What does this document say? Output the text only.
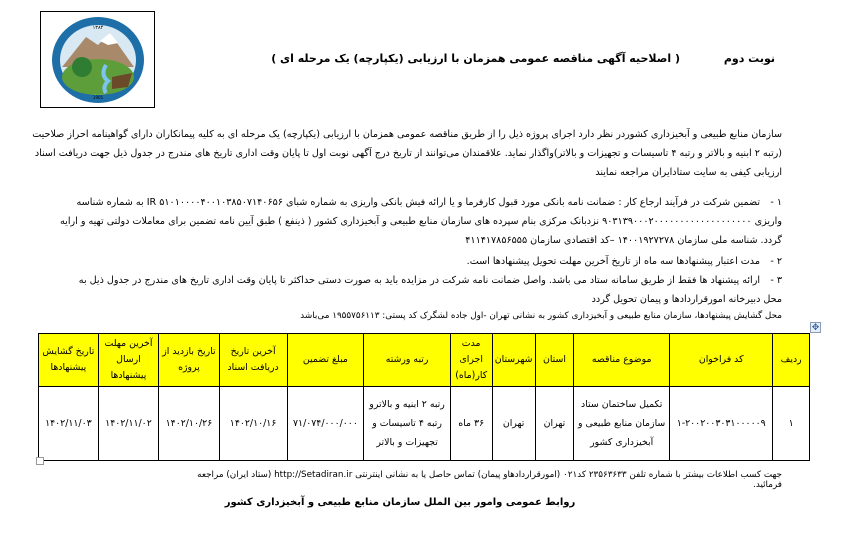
۱۳۸۴
1905
نوبت دوم
( اصلاحیه آگهی مناقصه عمومی همزمان با ارزیابی (یکپارچه) یک مرحله ای )
سازمان منابع طبیعی و آبخیزداری کشوردر نظر دارد اجرای پروژه ذیل را از طریق مناقصه عمومی همزمان با ارزیابی (یکپارچه) یک مرحله ای به کلیه پیمانکاران دارای گواهینامه احراز صلاحیت (رتبه ۲ ابنیه و بالاتر و رتبه ۴ تاسیسات و تجهیزات و بالاتر)واگذار نماید. علاقمندان می‌توانند از تاریخ درج آگهی نوبت اول تا پایان وقت اداری تاریخ های مندرج در جدول ذیل جهت دریافت اسناد ارزیابی کیفی به سایت ستادایران مراجعه نمایند
۱ -تضمین شرکت در فرآیند ارجاع کار : ضمانت نامه بانکی مورد قبول کارفرما و یا ارائه فیش بانکی واریزی به شماره شبای IR ۵۱۰۱۰۰۰۰۴۰۰۱۰۳۸۵۰۷۱۴۰۶۵۶ به شماره شناسه واریزی ۹۰۳۱۳۹۰۰۰۲۰۰۰۰۰۰۰۰۰۰۰۰۰۰۰۰۰۰۰ نزدبانک مرکزی بنام سپرده های سازمان منابع طبیعی و آبخیزداری کشور ( ذینفع ) طبق آیین نامه تضمین برای معاملات دولتی تهیه و ارایه گردد. شناسه ملی سازمان ۱۴۰۰۱۹۲۷۲۷۸ –کد اقتصادی سازمان ۴۱۱۴۱۷۸۵۶۵۵۵
۲ -مدت اعتبار پیشنهادها سه ماه از تاریخ آخرین مهلت تحویل پیشنهادها است.
۳ -ارائه پیشنهاد ها فقط از طریق سامانه ستاد می باشد. واصل ضمانت نامه شرکت در مزایده باید به صورت دستی حداکثر تا پایان وقت اداری تاریخ های مندرج در جدول ذیل به محل دبیرخانه امورقراردادها و پیمان تحویل گردد
محل گشایش پیشنهادها، سازمان منابع طبیعی و آبخیزداری کشور به نشانی تهران -اول جاده لشگرک کد پستی: ۱۹۵۵۷۵۶۱۱۳ می‌باشد
✥
ردیف	کد فراخوان	موضوع مناقصه	استان	شهرستان	مدت اجرای کار(ماه)	رتبه ورشته	مبلغ تضمین	آخرین تاریخ دریافت اسناد	تاریخ بازدید از پروژه	آخرین مهلت ارسال پیشنهادها	تاریخ گشایش پیشنهادها
۱	۱-۲۰۰۲۰۰۳۰۳۱۰۰۰۰۰۹	تکمیل ساختمان ستاد سازمان منابع طبیعی و آبخیزداری کشور	تهران	تهران	۳۶ ماه	رتبه ۲ ابنیه و بالاترو رتبه ۴ تاسیسات و تجهیزات و بالاتر	۷۱/۰۷۴/۰۰۰/۰۰۰	۱۴۰۲/۱۰/۱۶	۱۴۰۲/۱۰/۲۶	۱۴۰۲/۱۱/۰۲	۱۴۰۲/۱۱/۰۳
جهت کسب اطلاعات بیشتر با شماره تلفن ۲۳۵۶۳۶۳۳ کد۰۲۱ (امورقراردادهاو پیمان) تماس حاصل یا به نشانی اینترنتی http://Setadiran.ir (ستاد ایران) مراجعه فرمائید.
روابط عمومی وامور بین الملل سازمان منابع طبیعی و آبخیزداری کشور
